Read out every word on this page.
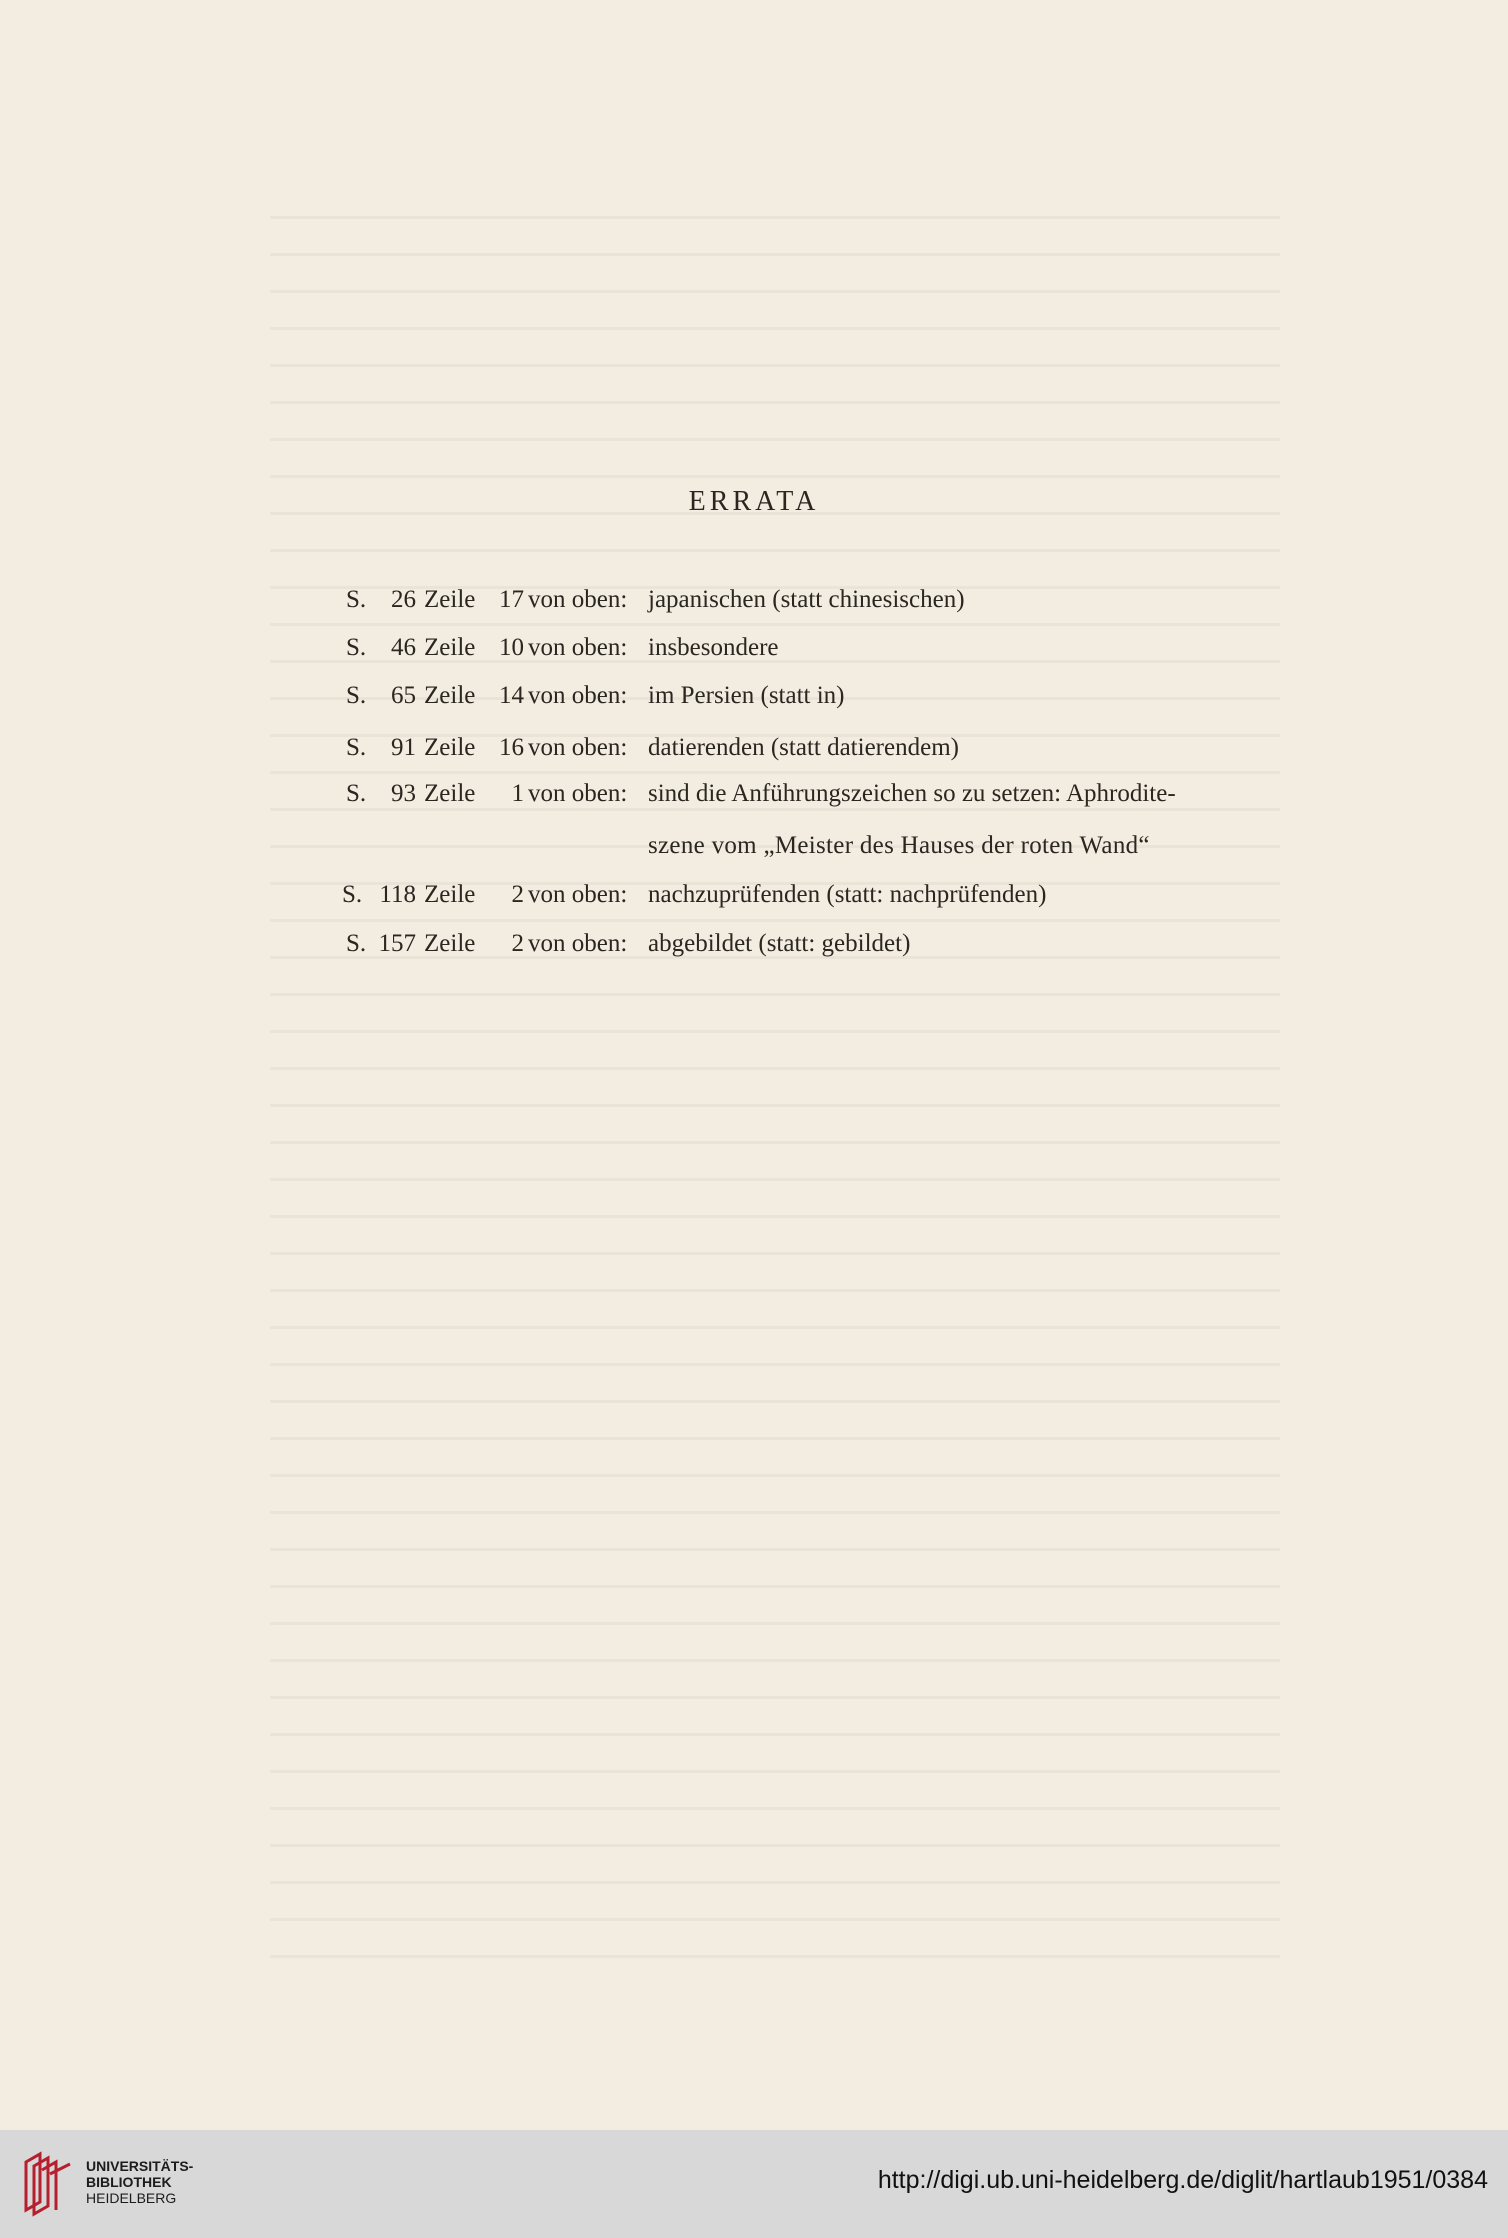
ERRATA
S. 26 Zeile 17 von oben: japanischen (statt chinesischen)
S. 46 Zeile 10 von oben: insbesondere
S. 65 Zeile 14 von oben: im Persien (statt in)
S. 91 Zeile 16 von oben: datierenden (statt datierendem)
S. 93 Zeile	1 von oben: sind die Anführungszeichen so zu setzen: Aphrodite-
szene vom „Meister des Hauses der roten Wand“
S. 118 Zeile	2 von oben: nachzuprüfenden (statt: nachprüfenden)
S. 157 Zeile	2 von oben: abgebildet (statt: gebildet)
UNIVERSITÄTS-
BIBLIOTHEK
HEIDELBERG
http://digi.ub.uni-heidelberg.de/diglit/hartlaub1951/0384
